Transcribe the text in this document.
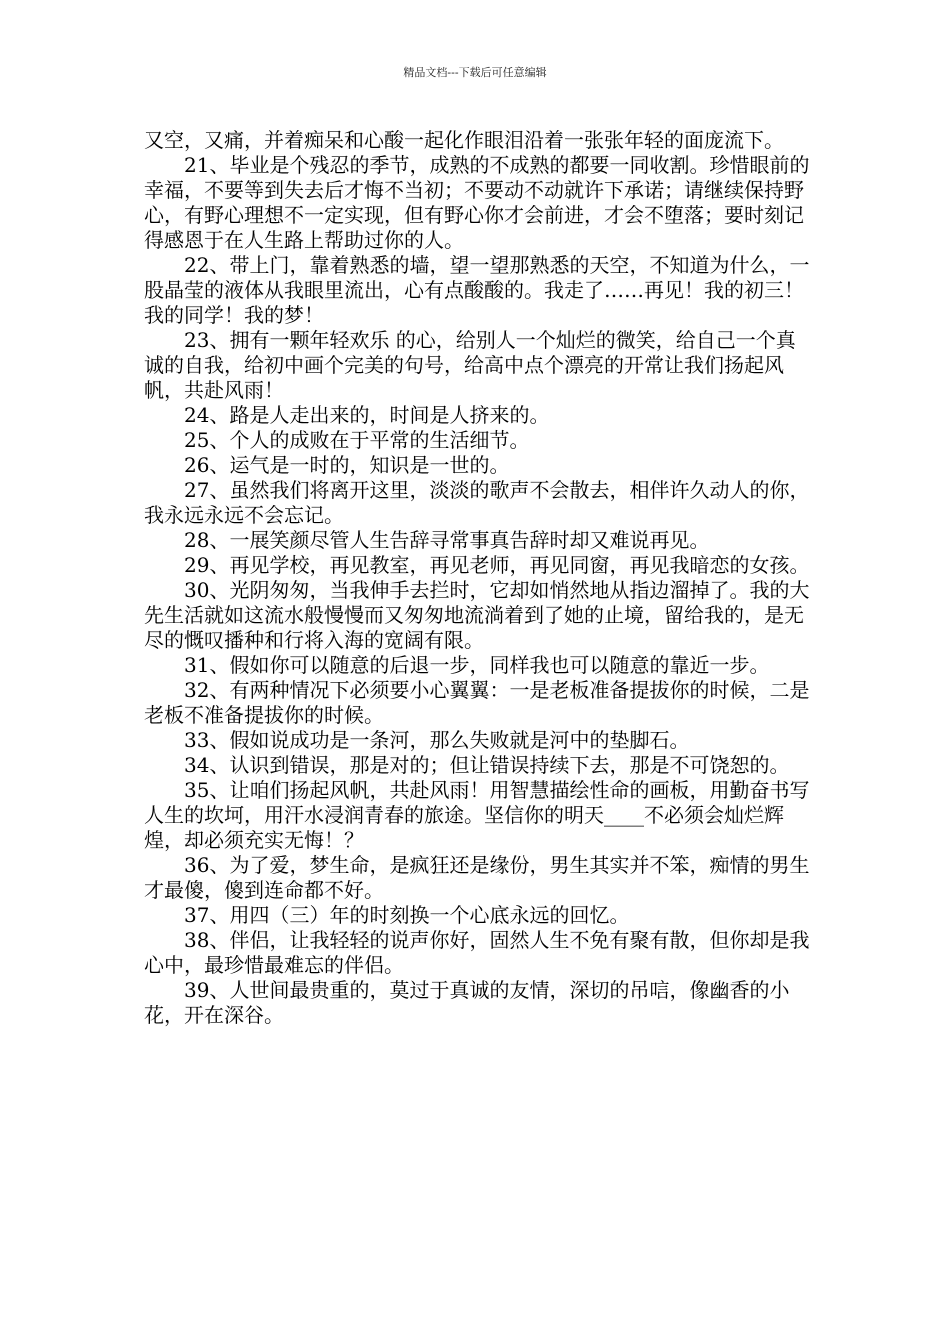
精品文档---下载后可任意编辑

又空，又痛，并着痴呆和心酸一起化作眼泪沿着一张张年轻的面庞流下。

21、毕业是个残忍的季节，成熟的不成熟的都要一同收割。珍惜眼前的幸福，不要等到失去后才悔不当初；不要动不动就许下承诺；请继续保持野心，有野心理想不一定实现，但有野心你才会前进，才会不堕落；要时刻记得感恩于在人生路上帮助过你的人。

22、带上门，靠着熟悉的墙，望一望那熟悉的天空，不知道为什么，一股晶莹的液体从我眼里流出，心有点酸酸的。我走了……再见！我的初三！我的同学！我的梦！

23、拥有一颗年轻欢乐 的心，给别人一个灿烂的微笑，给自己一个真诚的自我，给初中画个完美的句号，给高中点个漂亮的开常让我们扬起风帆，共赴风雨！

24、路是人走出来的，时间是人挤来的。

25、个人的成败在于平常的生活细节。

26、运气是一时的，知识是一世的。

27、虽然我们将离开这里，淡淡的歌声不会散去，相伴许久动人的你，我永远永远不会忘记。

28、一展笑颜尽管人生告辞寻常事真告辞时却又难说再见。

29、再见学校，再见教室，再见老师，再见同窗，再见我暗恋的女孩。

30、光阴匆匆，当我伸手去拦时，它却如悄然地从指边溜掉了。我的大先生活就如这流水般慢慢而又匆匆地流淌着到了她的止境，留给我的，是无尽的慨叹播种和行将入海的宽阔有限。

31、假如你可以随意的后退一步，同样我也可以随意的靠近一步。

32、有两种情况下必须要小心翼翼：一是老板准备提拔你的时候，二是老板不准备提拔你的时候。

33、假如说成功是一条河，那么失败就是河中的垫脚石。

34、认识到错误，那是对的；但让错误持续下去，那是不可饶恕的。

35、让咱们扬起风帆，共赴风雨！用智慧描绘性命的画板，用勤奋书写人生的坎坷，用汗水浸润青春的旅途。坚信你的明天____不必须会灿烂辉煌，却必须充实无悔！？

36、为了爱，梦生命，是疯狂还是缘份，男生其实并不笨，痴情的男生才最傻，傻到连命都不好。

37、用四（三）年的时刻换一个心底永远的回忆。

38、伴侣，让我轻轻的说声你好，固然人生不免有聚有散，但你却是我心中，最珍惜最难忘的伴侣。

39、人世间最贵重的，莫过于真诚的友情，深切的吊唁，像幽香的小花，开在深谷。
